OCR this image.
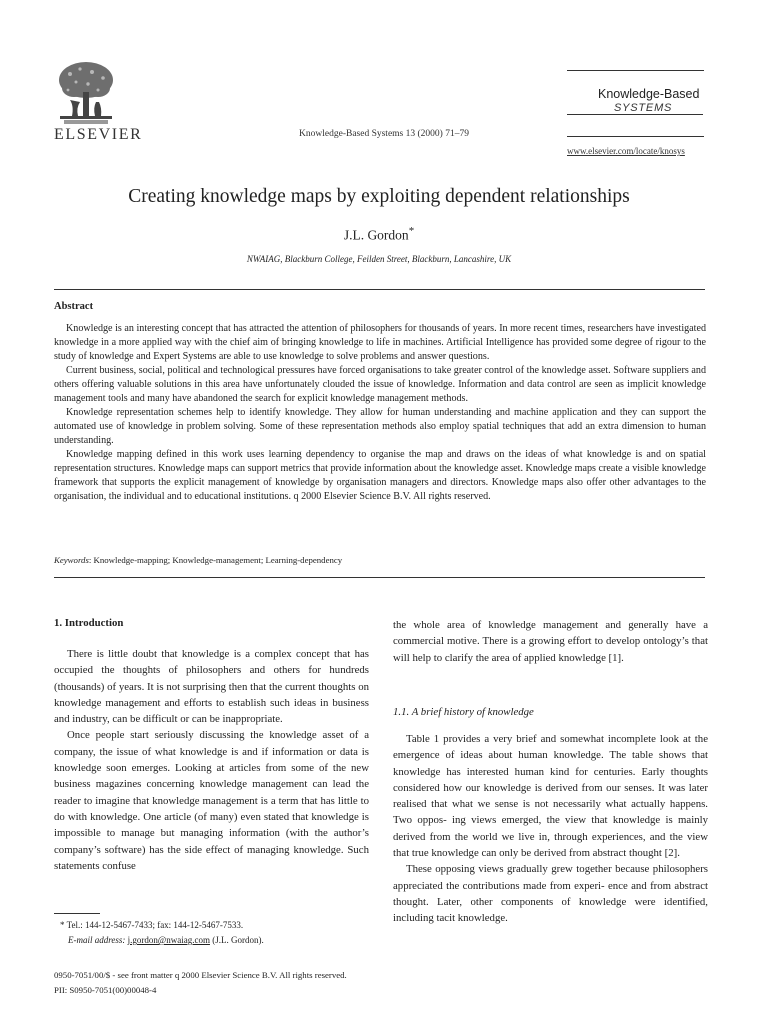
ELSEVIER	Knowledge-Based Systems 13 (2000) 71–79
Knowledge-Based
SYSTEMS
www.elsevier.com/locate/knosys
Creating knowledge maps by exploiting dependent relationships
J.L. Gordon*
NWAIAG, Blackburn College, Feilden Street, Blackburn, Lancashire, UK
Abstract

Knowledge is an interesting concept that has attracted the attention of philosophers for thousands of years. In more recent times, researchers have investigated knowledge in a more applied way with the chief aim of bringing knowledge to life in machines. Artificial Intelligence has provided some degree of rigour to the study of knowledge and Expert Systems are able to use knowledge to solve problems and answer questions.

Current business, social, political and technological pressures have forced organisations to take greater control of the knowledge asset. Software suppliers and others offering valuable solutions in this area have unfortunately clouded the issue of knowledge. Information and data control are seen as implicit knowledge management tools and many have abandoned the search for explicit knowledge management methods.

Knowledge representation schemes help to identify knowledge. They allow for human understanding and machine application and they can support the automated use of knowledge in problem solving. Some of these representation methods also employ spatial techniques that add an extra dimension to human understanding.

Knowledge mapping defined in this work uses learning dependency to organise the map and draws on the ideas of what knowledge is and on spatial representation structures. Knowledge maps can support metrics that provide information about the knowledge asset. Knowledge maps create a visible knowledge framework that supports the explicit management of knowledge by organisation managers and directors. Knowledge maps also offer other advantages to the organisation, the individual and to educational institutions. q 2000 Elsevier Science B.V. All rights reserved.

Keywords: Knowledge-mapping; Knowledge-management; Learning-dependency
1. Introduction

There is little doubt that knowledge is a complex concept that has occupied the thoughts of philosophers and others for hundreds (thousands) of years. It is not surprising then that the current thoughts on knowledge management and efforts to establish such ideas in business and industry, can be difficult or can be inappropriate.

Once people start seriously discussing the knowledge asset of a company, the issue of what knowledge is and if information or data is knowledge soon emerges. Looking at articles from some of the new business magazines concerning knowledge management can lead the reader to imagine that knowledge management is a term that has little to do with knowledge. One article (of many) even stated that knowledge is impossible to manage but managing information (with the author’s company’s software) has the side effect of managing knowledge. Such statements confuse

the whole area of knowledge management and generally have a commercial motive. There is a growing effort to develop ontology’s that will help to clarify the area of applied knowledge [1].

1.1. A brief history of knowledge

Table 1 provides a very brief and somewhat incomplete look at the emergence of ideas about human knowledge. The table shows that knowledge has interested human kind for centuries. Early thoughts considered how our knowledge is derived from our senses. It was later realised that what we sense is not necessarily what actually happens. Two oppos- ing views emerged, the view that knowledge is mainly derived from the world we live in, through experiences, and the view that true knowledge can only be derived from abstract thought [2].

These opposing views gradually grew together because philosophers appreciated the contributions made from experi- ence and from abstract thought. Later, other components of knowledge were identified, including tacit knowledge.

* Tel.: 144-12-5467-7433; fax: 144-12-5467-7533.
E-mail address: j.gordon@nwaiag.com (J.L. Gordon).
0950-7051/00/$ - see front matter q 2000 Elsevier Science B.V. All rights reserved.
PII: S0950-7051(00)00048-4
